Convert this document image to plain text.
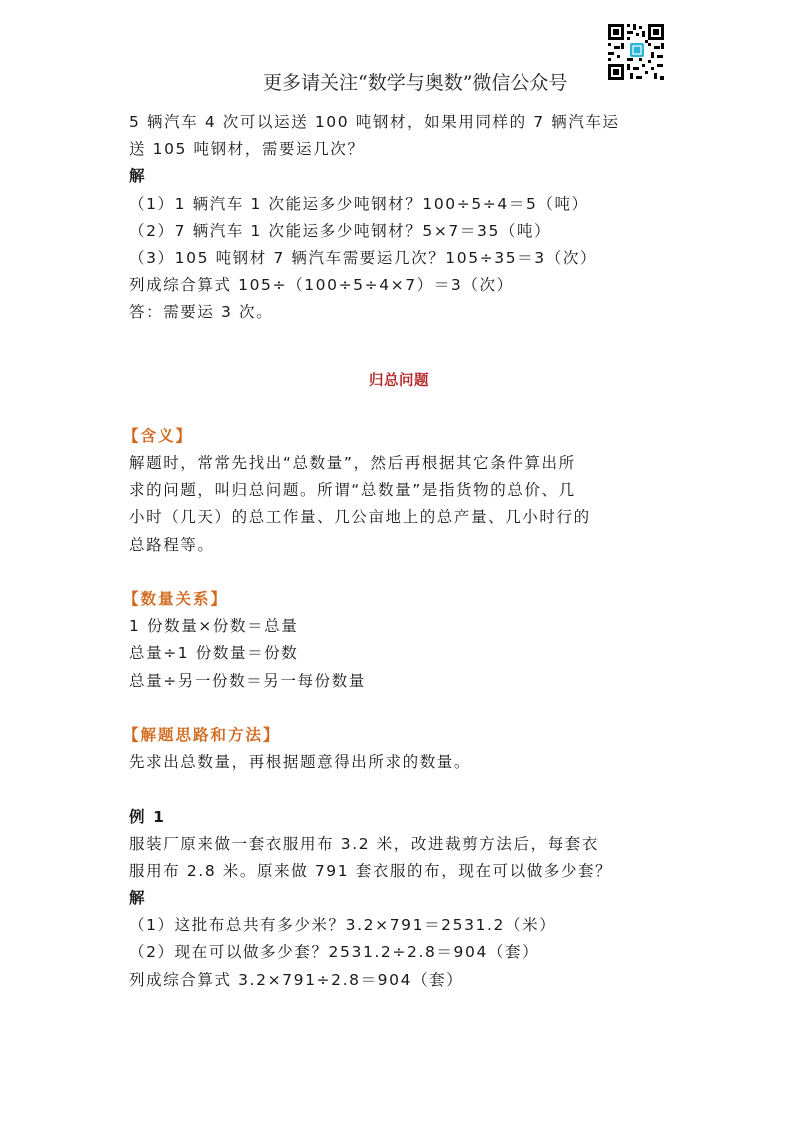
更多请关注“数学与奥数”微信公众号
5 辆汽车 4 次可以运送 100 吨钢材，如果用同样的 7 辆汽车运
送 105 吨钢材，需要运几次？
解
（1）1 辆汽车 1 次能运多少吨钢材？100÷5÷4＝5（吨）
（2）7 辆汽车 1 次能运多少吨钢材？5×7＝35（吨）
（3）105 吨钢材 7 辆汽车需要运几次？105÷35＝3（次）
列成综合算式 105÷（100÷5÷4×7）＝3（次）
答：需要运 3 次。
归总问题
【含义】
解题时，常常先找出“总数量”，然后再根据其它条件算出所
求的问题，叫归总问题。所谓“总数量”是指货物的总价、几
小时（几天）的总工作量、几公亩地上的总产量、几小时行的
总路程等。
【数量关系】
1 份数量×份数＝总量
总量÷1 份数量＝份数
总量÷另一份数＝另一每份数量
【解题思路和方法】
先求出总数量，再根据题意得出所求的数量。
例 1
服装厂原来做一套衣服用布 3.2 米，改进裁剪方法后，每套衣
服用布 2.8 米。原来做 791 套衣服的布，现在可以做多少套？
解
（1）这批布总共有多少米？3.2×791＝2531.2（米）
（2）现在可以做多少套？2531.2÷2.8＝904（套）
列成综合算式 3.2×791÷2.8＝904（套）
